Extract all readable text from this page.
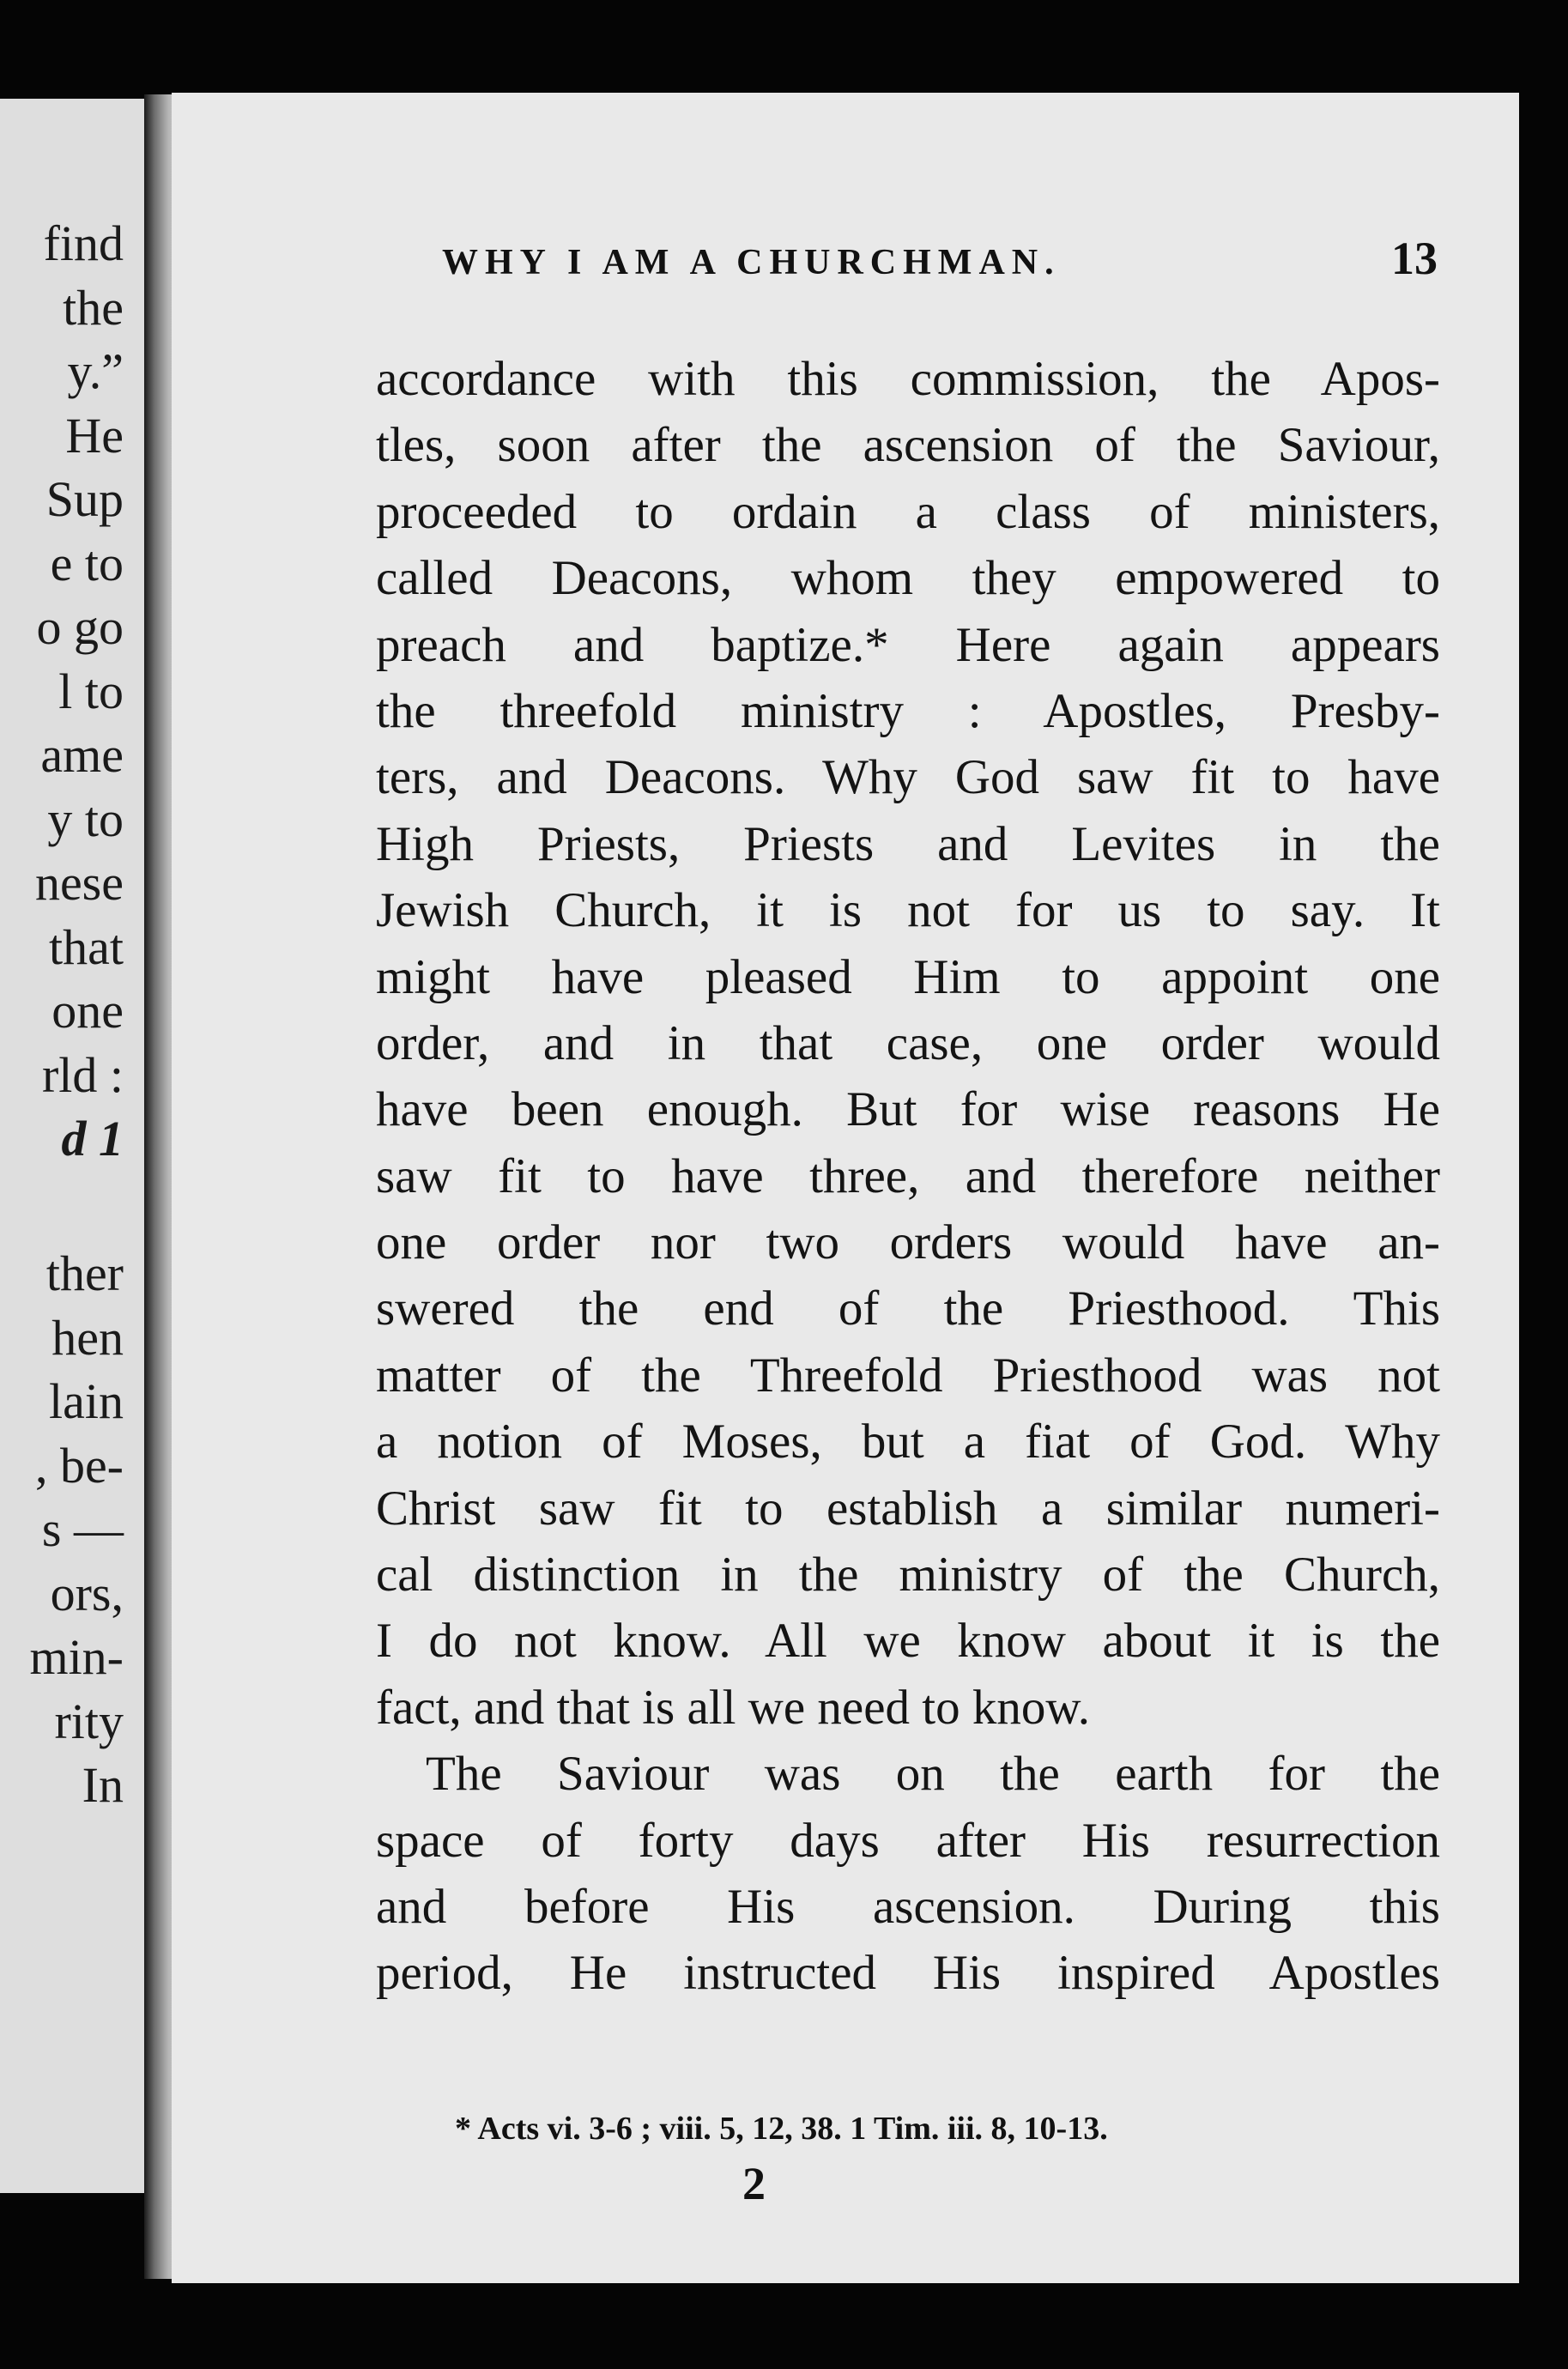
find

the

y.”

He

Sup

e to

o go

l to

ame

y to

nese

that

one

rld :

d 1

ther

hen

lain

, be-

s —

ors,

min-

rity

In

WHY I AM A CHURCHMAN.	13

accordance with this commission, the Apos-

tles, soon after the ascension of the Saviour,

proceeded to ordain a class of ministers,

called Deacons, whom they empowered to

preach and baptize.* Here again appears

the threefold ministry : Apostles, Presby-

ters, and Deacons. Why God saw fit to have

High Priests, Priests and Levites in the

Jewish Church, it is not for us to say. It

might have pleased Him to appoint one

order, and in that case, one order would

have been enough. But for wise reasons He

saw fit to have three, and therefore neither

one order nor two orders would have an-

swered the end of the Priesthood. This

matter of the Threefold Priesthood was not

a notion of Moses, but a fiat of God. Why

Christ saw fit to establish a similar numeri-

cal distinction in the ministry of the Church,

I do not know. All we know about it is the

fact, and that is all we need to know.

The Saviour was on the earth for the

space of forty days after His resurrection

and before His ascension. During this

period, He instructed His inspired Apostles

* Acts vi. 3-6 ; viii. 5, 12, 38. 1 Tim. iii. 8, 10-13.

2
